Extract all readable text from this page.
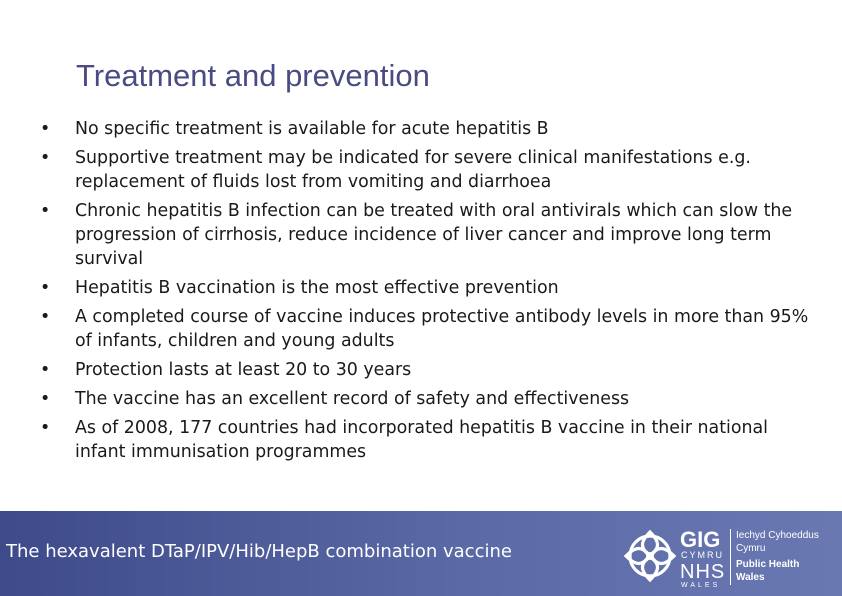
Treatment and prevention
• No specific treatment is available for acute hepatitis B
• Supportive treatment may be indicated for severe clinical manifestations e.g. replacement of fluids lost from vomiting and diarrhoea
• Chronic hepatitis B infection can be treated with oral antivirals which can slow the progression of cirrhosis, reduce incidence of liver cancer and improve long term survival
• Hepatitis B vaccination is the most effective prevention
• A completed course of vaccine induces protective antibody levels in more than 95% of infants, children and young adults
• Protection lasts at least 20 to 30 years
• The vaccine has an excellent record of safety and effectiveness
• As of 2008, 177 countries had incorporated hepatitis B vaccine in their national infant immunisation programmes
The hexavalent DTaP/IPV/Hib/HepB combination vaccine	GIG
CYMRU
NHS
WALES
Iechyd Cyhoeddus
Cymru
Public Health
Wales
